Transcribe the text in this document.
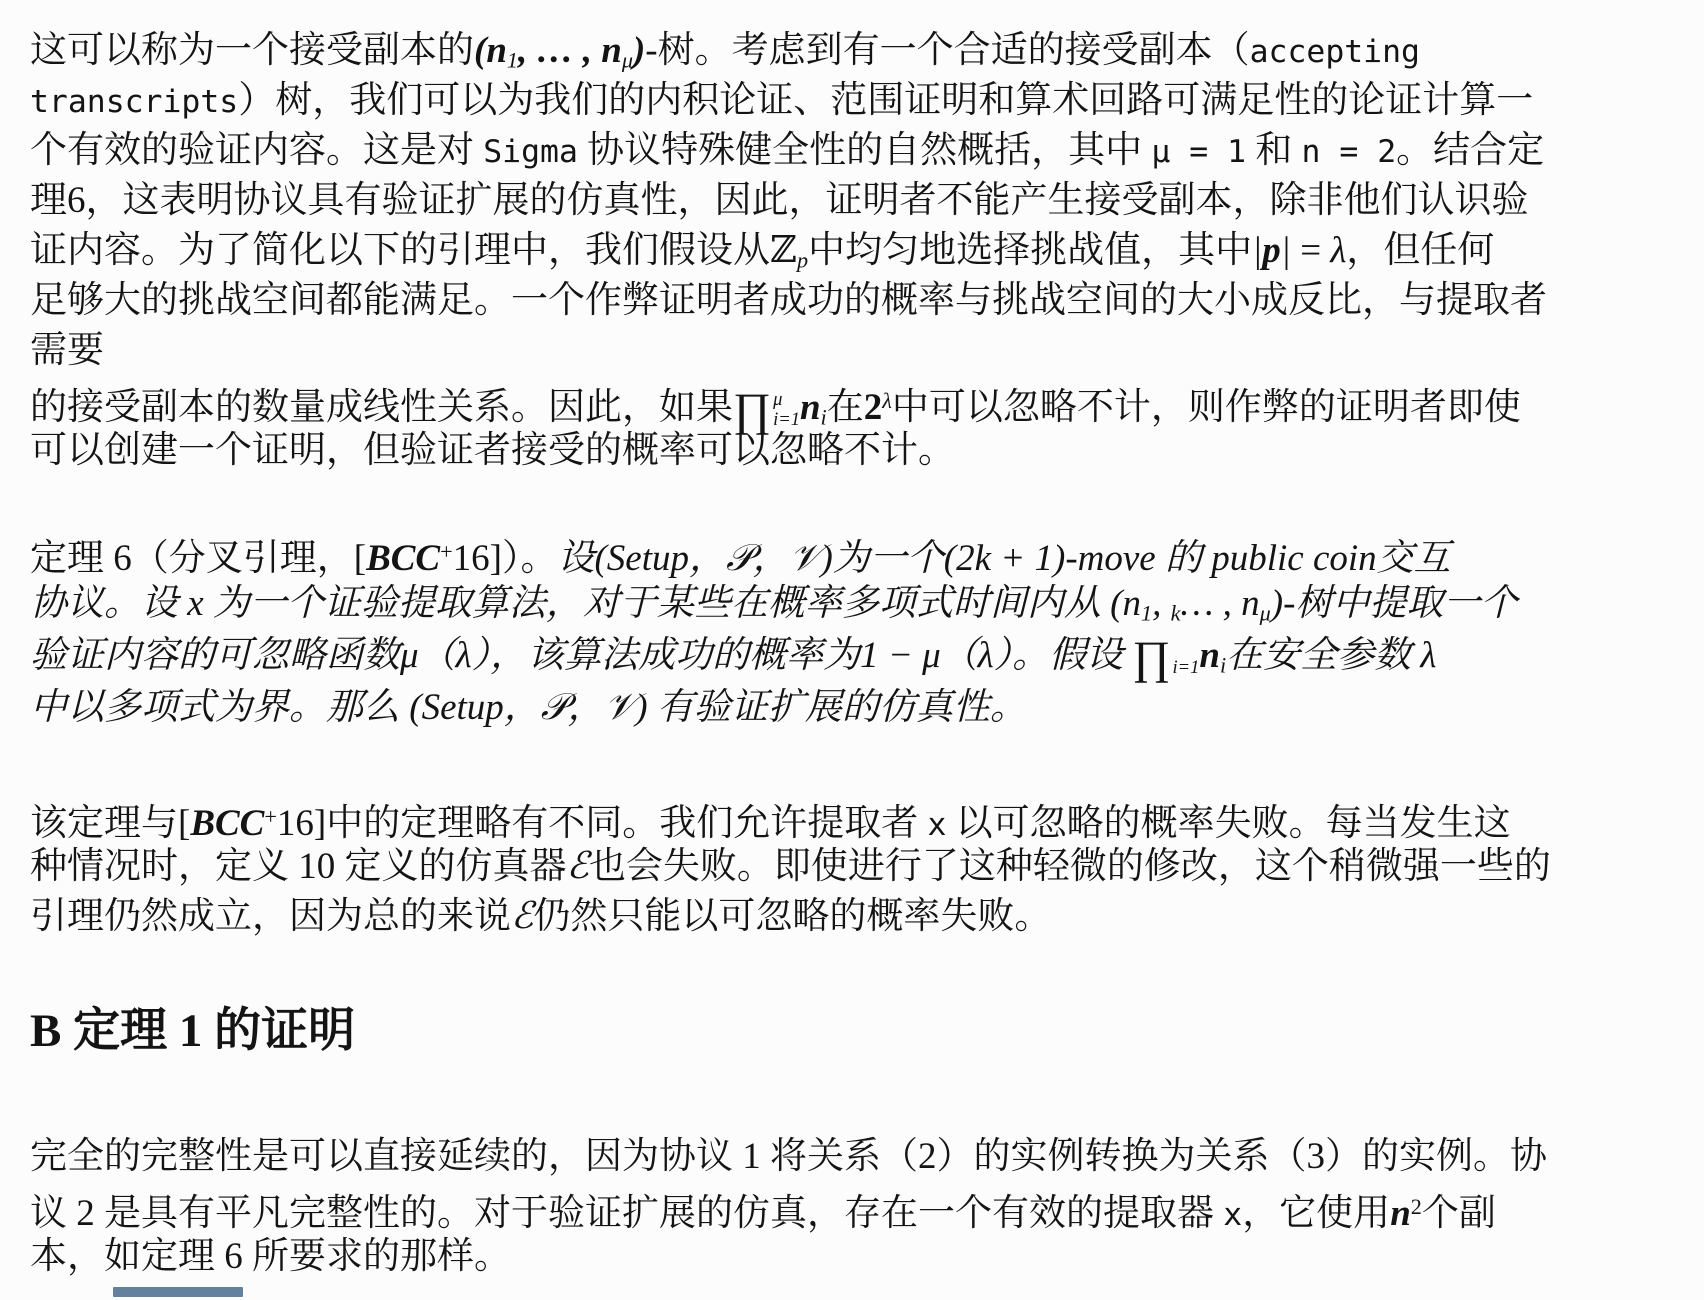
这可以称为一个接受副本的(n1, … , nμ)-树。考虑到有一个合适的接受副本（accepting
transcripts）树，我们可以为我们的内积论证、范围证明和算术回路可满足性的论证计算一
个有效的验证内容。这是对 Sigma 协议特殊健全性的自然概括，其中 μ = 1 和 n = 2。结合定
理6，这表明协议具有验证扩展的仿真性，因此，证明者不能产生接受副本，除非他们认识验
证内容。为了简化以下的引理中，我们假设从ℤp中均匀地选择挑战值，其中|p| = λ，但任何
足够大的挑战空间都能满足。一个作弊证明者成功的概率与挑战空间的大小成反比，与提取者
需要
的接受副本的数量成线性关系。因此，如果 ∏ μ
i=1 ni在$2^\lambda$中可以忽略不计，则作弊的证明者即使
可以创建一个证明，但验证者接受的概率可以忽略不计。
定理 6（分叉引理，[BCC+16]）。设(Setup，𝒫，𝒱)为一个(2k + 1)-move 的 public coin交互
协议。设 x 为一个证验提取算法，对于某些在概率多项式时间内从 (n1, k… , nμ)-树中提取一个
验证内容的可忽略函数μ（λ），该算法成功的概率为1 − μ（λ）。假设 ∏ i=1 ni在安全参数 λ
中以多项式为界。那么 (Setup，𝒫，𝒱) 有验证扩展的仿真性。
该定理与[BCC+16]中的定理略有不同。我们允许提取者 x 以可忽略的概率失败。每当发生这
种情况时，定义 10 定义的仿真器ℰ也会失败。即使进行了这种轻微的修改，这个稍微强一些的
引理仍然成立，因为总的来说ℰ仍然只能以可忽略的概率失败。
B 定理 1 的证明
完全的完整性是可以直接延续的，因为协议 1 将关系（2）的实例转换为关系（3）的实例。协
议 2 是具有平凡完整性的。对于验证扩展的仿真，存在一个有效的提取器 x，它使用$n^2$个副
本，如定理 6 所要求的那样。
